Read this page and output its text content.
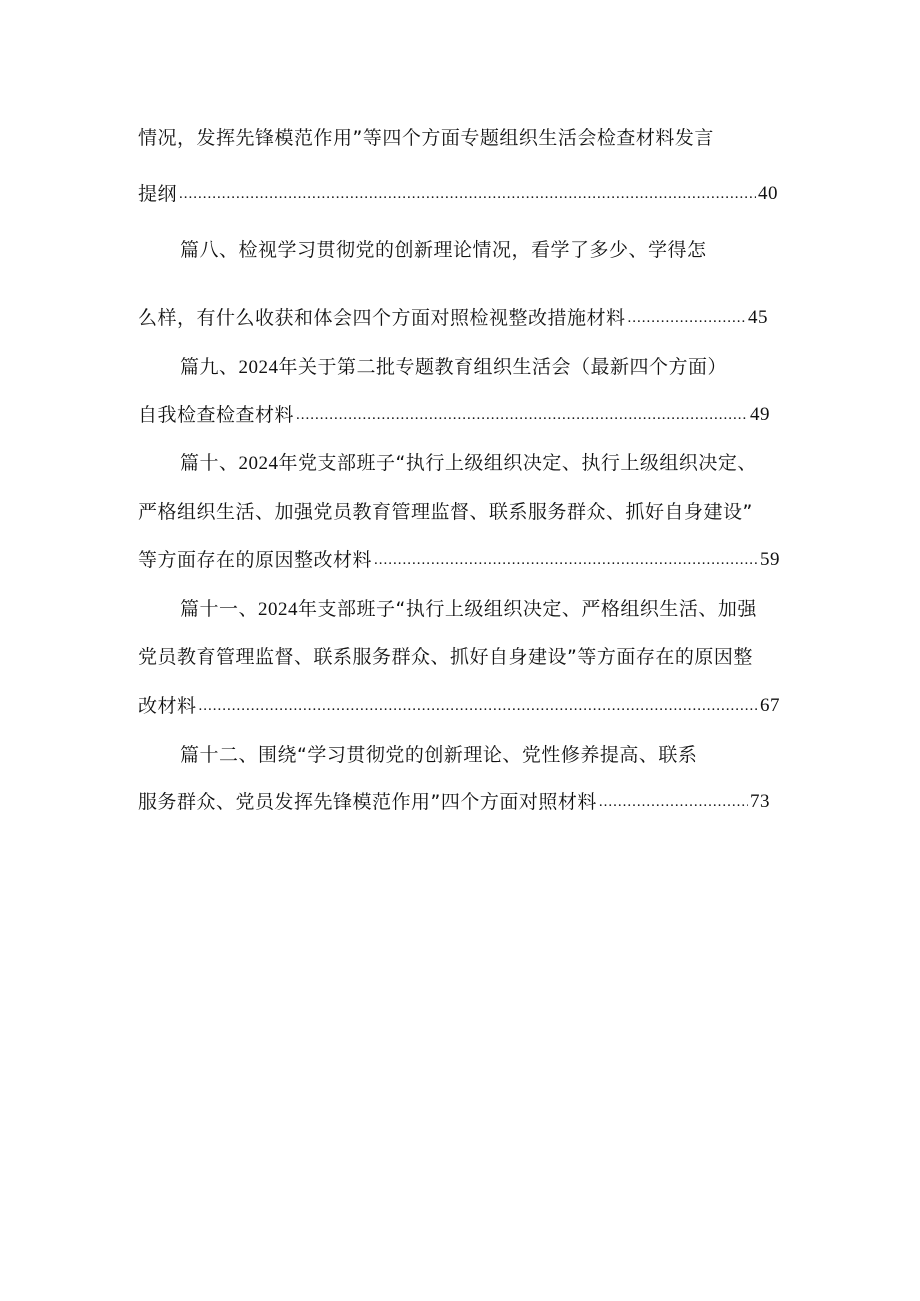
情况，发挥先锋模范作用”等四个方面专题组织生活会检查材料发言
提纲 .....	40
篇八、检视学习贯彻党的创新理论情况，看学了多少、学得怎
么样，有什么收获和体会四个方面对照检视整改措施材料 .....	45
篇九、2024年关于第二批专题教育组织生活会（最新四个方面）
自我检查检查材料 .....	49
篇十、2024年党支部班子“执行上级组织决定、执行上级组织决定、
严格组织生活、加强党员教育管理监督、联系服务群众、抓好自身建设”
等方面存在的原因整改材料 .....	59
篇十一、2024年支部班子“执行上级组织决定、严格组织生活、加强
党员教育管理监督、联系服务群众、抓好自身建设”等方面存在的原因整
改材料 .....	67
篇十二、围绕“学习贯彻党的创新理论、党性修养提高、联系
服务群众、党员发挥先锋模范作用”四个方面对照材料 .....	73
